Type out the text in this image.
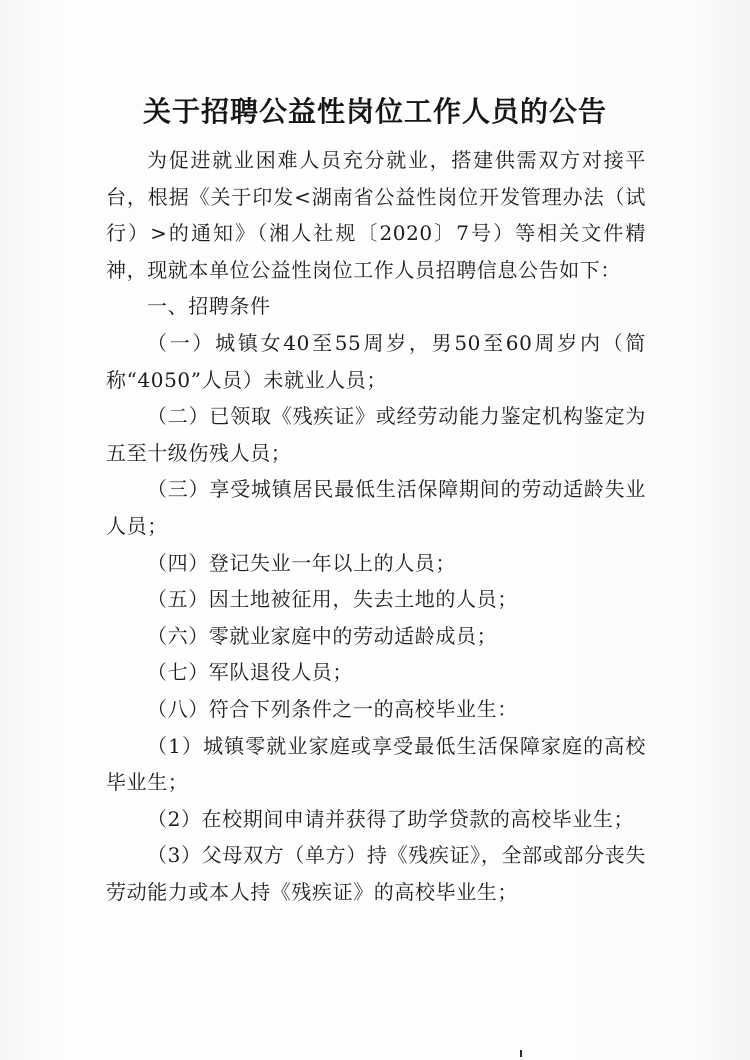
关于招聘公益性岗位工作人员的公告

为促进就业困难人员充分就业，搭建供需双方对接平台，根据《关于印发<湖南省公益性岗位开发管理办法（试行）>的通知》（湘人社规〔2020〕7号）等相关文件精神，现就本单位公益性岗位工作人员招聘信息公告如下：

一、招聘条件

（一）城镇女40至55周岁，男50至60周岁内（简称“4050”人员）未就业人员；

（二）已领取《残疾证》或经劳动能力鉴定机构鉴定为五至十级伤残人员；

（三）享受城镇居民最低生活保障期间的劳动适龄失业人员；

（四）登记失业一年以上的人员；

（五）因土地被征用，失去土地的人员；

（六）零就业家庭中的劳动适龄成员；

（七）军队退役人员；

（八）符合下列条件之一的高校毕业生：

（1）城镇零就业家庭或享受最低生活保障家庭的高校毕业生；

（2）在校期间申请并获得了助学贷款的高校毕业生；

（3）父母双方（单方）持《残疾证》，全部或部分丧失劳动能力或本人持《残疾证》的高校毕业生；
